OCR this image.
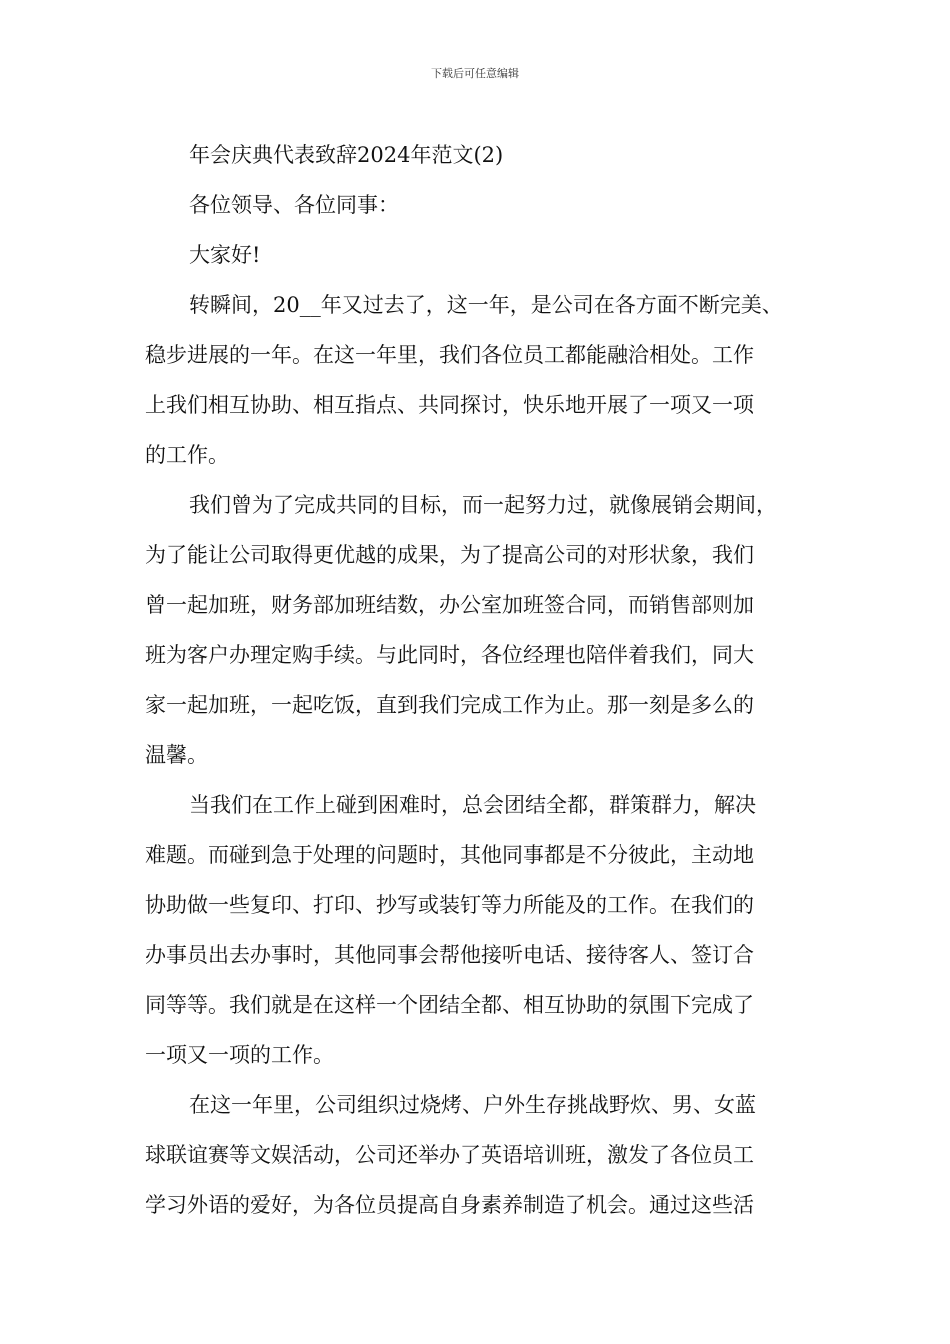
下载后可任意编辑
年会庆典代表致辞2024年范文(2)
各位领导、各位同事：
大家好!
转瞬间，20__年又过去了，这一年，是公司在各方面不断完美、
稳步进展的一年。在这一年里，我们各位员工都能融洽相处。工作
上我们相互协助、相互指点、共同探讨，快乐地开展了一项又一项
的工作。
我们曾为了完成共同的目标，而一起努力过，就像展销会期间，
为了能让公司取得更优越的成果，为了提高公司的对形状象，我们
曾一起加班，财务部加班结数，办公室加班签合同，而销售部则加
班为客户办理定购手续。与此同时，各位经理也陪伴着我们，同大
家一起加班，一起吃饭，直到我们完成工作为止。那一刻是多么的
温馨。
当我们在工作上碰到困难时，总会团结全都，群策群力，解决
难题。而碰到急于处理的问题时，其他同事都是不分彼此，主动地
协助做一些复印、打印、抄写或装钉等力所能及的工作。在我们的
办事员出去办事时，其他同事会帮他接听电话、接待客人、签订合
同等等。我们就是在这样一个团结全都、相互协助的氛围下完成了
一项又一项的工作。
在这一年里，公司组织过烧烤、户外生存挑战野炊、男、女蓝
球联谊赛等文娱活动，公司还举办了英语培训班，激发了各位员工
学习外语的爱好，为各位员提高自身素养制造了机会。通过这些活
